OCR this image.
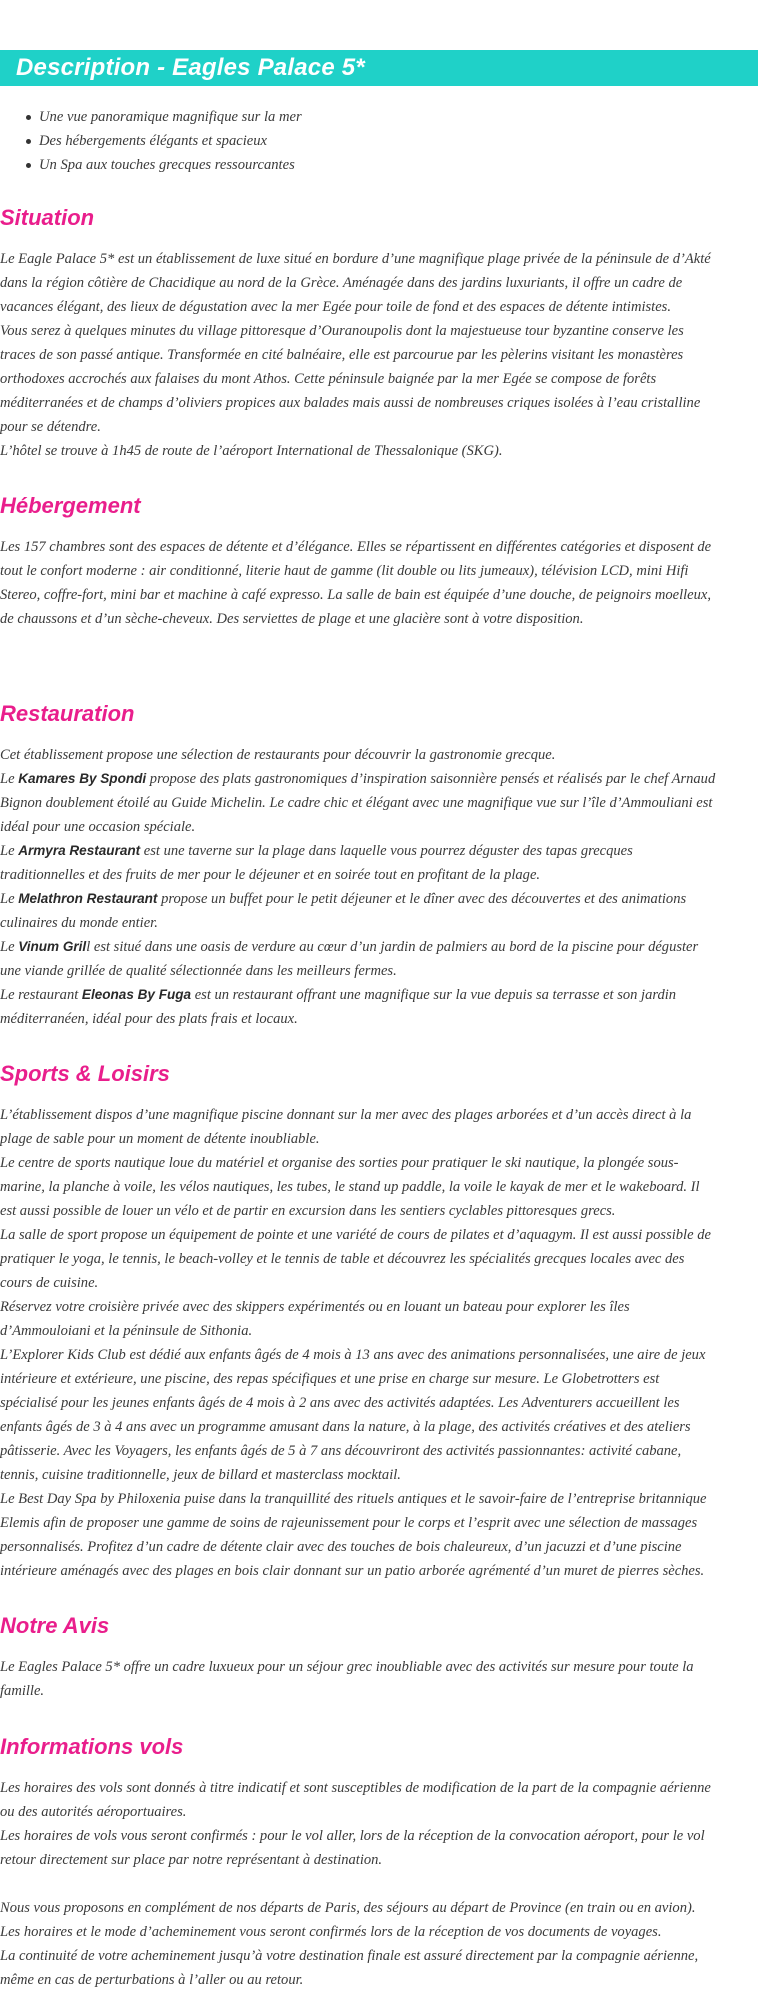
Description - Eagles Palace 5*
Une vue panoramique magnifique sur la mer
Des hébergements élégants et spacieux
Un Spa aux touches grecques ressourcantes
Situation
Le Eagle Palace 5* est un établissement de luxe situé en bordure d’une magnifique plage privée de la péninsule de d’Akté
dans la région côtière de Chacidique au nord de la Grèce. Aménagée dans des jardins luxuriants, il offre un cadre de
vacances élégant, des lieux de dégustation avec la mer Egée pour toile de fond et des espaces de détente intimistes.
Vous serez à quelques minutes du village pittoresque d’Ouranoupolis dont la majestueuse tour byzantine conserve les
traces de son passé antique. Transformée en cité balnéaire, elle est parcourue par les pèlerins visitant les monastères
orthodoxes accrochés aux falaises du mont Athos. Cette péninsule baignée par la mer Egée se compose de forêts
méditerranées et de champs d’oliviers propices aux balades mais aussi de nombreuses criques isolées à l’eau cristalline
pour se détendre.
L’hôtel se trouve à 1h45 de route de l’aéroport International de Thessalonique (SKG).
Hébergement
Les 157 chambres sont des espaces de détente et d’élégance. Elles se répartissent en différentes catégories et disposent de
tout le confort moderne : air conditionné, literie haut de gamme (lit double ou lits jumeaux), télévision LCD, mini Hifi
Stereo, coffre-fort, mini bar et machine à café expresso. La salle de bain est équipée d’une douche, de peignoirs moelleux,
de chaussons et d’un sèche-cheveux. Des serviettes de plage et une glacière sont à votre disposition.
Restauration
Cet établissement propose une sélection de restaurants pour découvrir la gastronomie grecque.
Le Kamares By Spondi propose des plats gastronomiques d’inspiration saisonnière pensés et réalisés par le chef Arnaud
Bignon doublement étoilé au Guide Michelin. Le cadre chic et élégant avec une magnifique vue sur l’île d’Ammouliani est
idéal pour une occasion spéciale.
Le Armyra Restaurant est une taverne sur la plage dans laquelle vous pourrez déguster des tapas grecques
traditionnelles et des fruits de mer pour le déjeuner et en soirée tout en profitant de la plage.
Le Melathron Restaurant propose un buffet pour le petit déjeuner et le dîner avec des découvertes et des animations
culinaires du monde entier.
Le Vinum Grill est situé dans une oasis de verdure au cœur d’un jardin de palmiers au bord de la piscine pour déguster
une viande grillée de qualité sélectionnée dans les meilleurs fermes.
Le restaurant Eleonas By Fuga est un restaurant offrant une magnifique sur la vue depuis sa terrasse et son jardin
méditerranéen, idéal pour des plats frais et locaux.
Sports & Loisirs
L’établissement dispos d’une magnifique piscine donnant sur la mer avec des plages arborées et d’un accès direct à la
plage de sable pour un moment de détente inoubliable.
Le centre de sports nautique loue du matériel et organise des sorties pour pratiquer le ski nautique, la plongée sous-
marine, la planche à voile, les vélos nautiques, les tubes, le stand up paddle, la voile le kayak de mer et le wakeboard. Il
est aussi possible de louer un vélo et de partir en excursion dans les sentiers cyclables pittoresques grecs.
La salle de sport propose un équipement de pointe et une variété de cours de pilates et d’aquagym. Il est aussi possible de
pratiquer le yoga, le tennis, le beach-volley et le tennis de table et découvrez les spécialités grecques locales avec des
cours de cuisine.
Réservez votre croisière privée avec des skippers expérimentés ou en louant un bateau pour explorer les îles
d’Ammouloiani et la péninsule de Sithonia.
L’Explorer Kids Club est dédié aux enfants âgés de 4 mois à 13 ans avec des animations personnalisées, une aire de jeux
intérieure et extérieure, une piscine, des repas spécifiques et une prise en charge sur mesure. Le Globetrotters est
spécialisé pour les jeunes enfants âgés de 4 mois à 2 ans avec des activités adaptées. Les Adventurers accueillent les
enfants âgés de 3 à 4 ans avec un programme amusant dans la nature, à la plage, des activités créatives et des ateliers
pâtisserie. Avec les Voyagers, les enfants âgés de 5 à 7 ans découvriront des activités passionnantes: activité cabane,
tennis, cuisine traditionnelle, jeux de billard et masterclass mocktail.
Le Best Day Spa by Philoxenia puise dans la tranquillité des rituels antiques et le savoir-faire de l’entreprise britannique
Elemis afin de proposer une gamme de soins de rajeunissement pour le corps et l’esprit avec une sélection de massages
personnalisés. Profitez d’un cadre de détente clair avec des touches de bois chaleureux, d’un jacuzzi et d’une piscine
intérieure aménagés avec des plages en bois clair donnant sur un patio arborée agrémenté d’un muret de pierres sèches.
Notre Avis
Le Eagles Palace 5* offre un cadre luxueux pour un séjour grec inoubliable avec des activités sur mesure pour toute la
famille.
Informations vols
Les horaires des vols sont donnés à titre indicatif et sont susceptibles de modification de la part de la compagnie aérienne
ou des autorités aéroportuaires.
Les horaires de vols vous seront confirmés : pour le vol aller, lors de la réception de la convocation aéroport, pour le vol
retour directement sur place par notre représentant à destination.
Nous vous proposons en complément de nos départs de Paris, des séjours au départ de Province (en train ou en avion).
Les horaires et le mode d’acheminement vous seront confirmés lors de la réception de vos documents de voyages.
La continuité de votre acheminement jusqu’à votre destination finale est assuré directement par la compagnie aérienne,
même en cas de perturbations à l’aller ou au retour.
